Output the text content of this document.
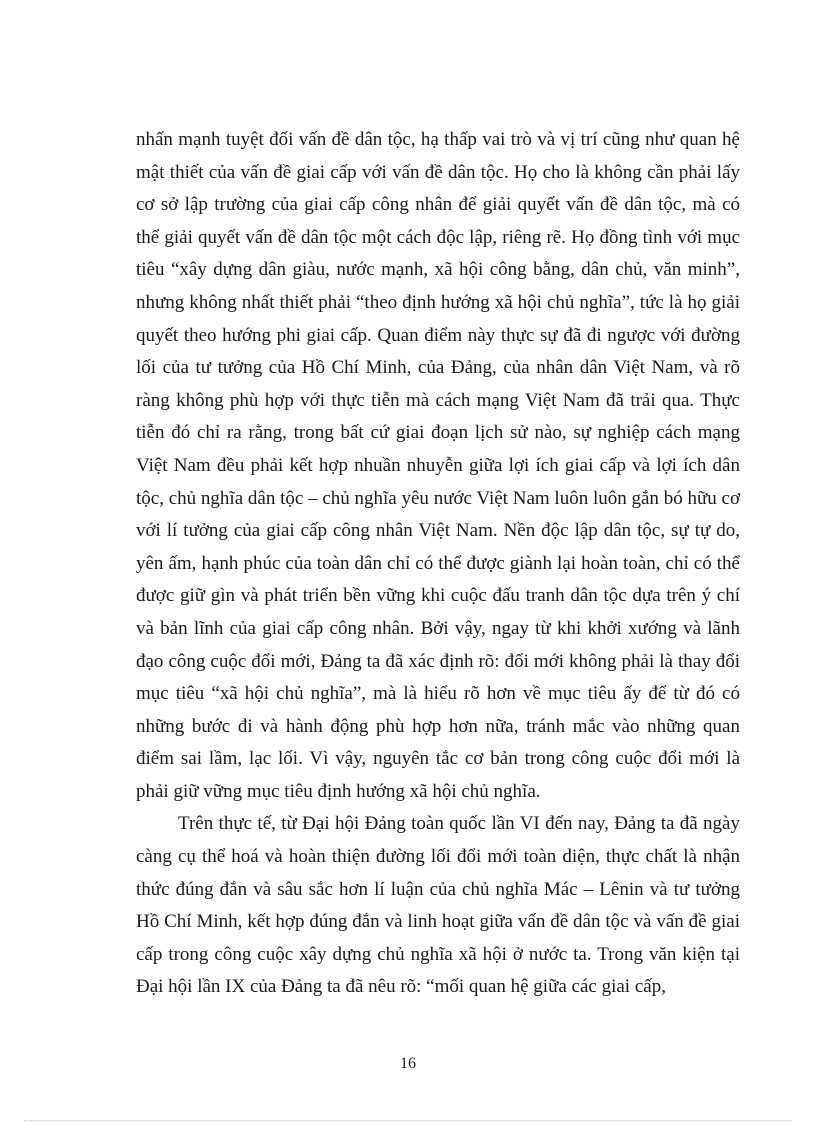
nhấn mạnh tuyệt đối vấn đề dân tộc, hạ thấp vai trò và vị trí cũng như quan hệ mật thiết của vấn đề giai cấp với vấn đề dân tộc. Họ cho là không cần phải lấy cơ sở lập trường của giai cấp công nhân để giải quyết vấn đề dân tộc, mà có thể giải quyết vấn đề dân tộc một cách độc lập, riêng rẽ. Họ đồng tình với mục tiêu “xây dựng dân giàu, nước mạnh, xã hội công bằng, dân chủ, văn minh”, nhưng không nhất thiết phải “theo định hướng xã hội chủ nghĩa”, tức là họ giải quyết theo hướng phi giai cấp. Quan điểm này thực sự đã đi ngược với đường lối của tư tưởng của Hồ Chí Minh, của Đảng, của nhân dân Việt Nam, và rõ ràng không phù hợp với thực tiễn mà cách mạng Việt Nam đã trải qua. Thực tiễn đó chỉ ra rằng, trong bất cứ giai đoạn lịch sử nào, sự nghiệp cách mạng Việt Nam đều phải kết hợp nhuần nhuyễn giữa lợi ích giai cấp và lợi ích dân tộc, chủ nghĩa dân tộc – chủ nghĩa yêu nước Việt Nam luôn luôn gắn bó hữu cơ với lí tưởng của giai cấp công nhân Việt Nam. Nền độc lập dân tộc, sự tự do, yên ấm, hạnh phúc của toàn dân chỉ có thể được giành lại hoàn toàn, chỉ có thể được giữ gìn và phát triển bền vững khi cuộc đấu tranh dân tộc dựa trên ý chí và bản lĩnh của giai cấp công nhân. Bởi vậy, ngay từ khi khởi xướng và lãnh đạo công cuộc đổi mới, Đảng ta đã xác định rõ: đổi mới không phải là thay đổi mục tiêu “xã hội chủ nghĩa”, mà là hiểu rõ hơn về mục tiêu ấy để từ đó có những bước đi và hành động phù hợp hơn nữa, tránh mắc vào những quan điểm sai lầm, lạc lối. Vì vậy, nguyên tắc cơ bản trong công cuộc đổi mới là phải giữ vững mục tiêu định hướng xã hội chủ nghĩa.

Trên thực tế, từ Đại hội Đảng toàn quốc lần VI đến nay, Đảng ta đã ngày càng cụ thể hoá và hoàn thiện đường lối đổi mới toàn diện, thực chất là nhận thức đúng đắn và sâu sắc hơn lí luận của chủ nghĩa Mác – Lênin và tư tưởng Hồ Chí Minh, kết hợp đúng đắn và linh hoạt giữa vấn đề dân tộc và vấn đề giai cấp trong công cuộc xây dựng chủ nghĩa xã hội ở nước ta. Trong văn kiện tại Đại hội lần IX của Đảng ta đã nêu rõ: “mối quan hệ giữa các giai cấp,

16
